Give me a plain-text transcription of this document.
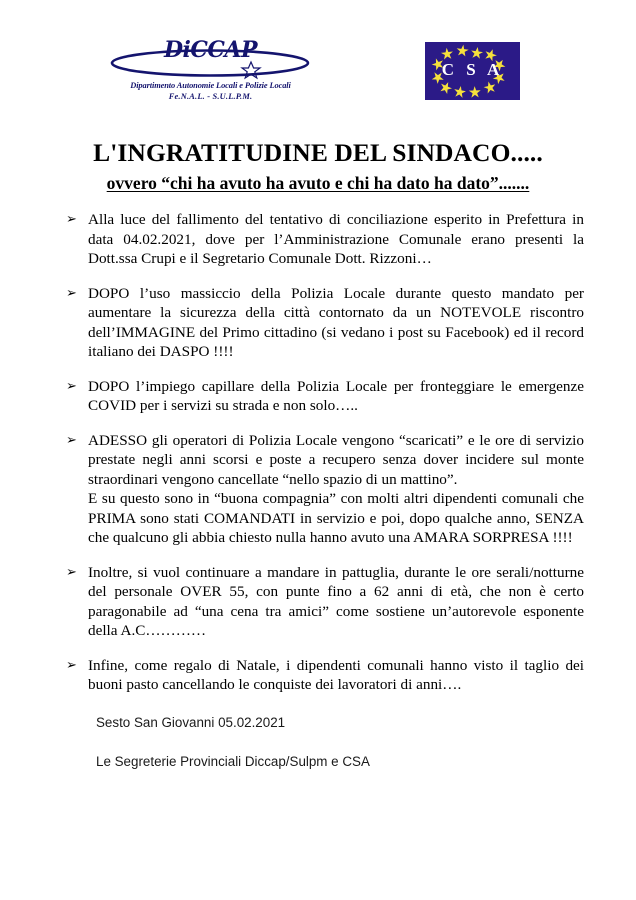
DiCCAP
Dipartimento Autonomie Locali e Polizie Locali
Fe.N.A.L. - S.U.L.P.M.
C S A
L'INGRATITUDINE DEL SINDACO.....
ovvero “chi ha avuto ha avuto e chi ha dato ha dato”.......
➢ Alla luce del fallimento del tentativo di conciliazione esperito in Prefettura in data 04.02.2021, dove per l’Amministrazione Comunale erano presenti la Dott.ssa Crupi e il Segretario Comunale Dott. Rizzoni…
➢ DOPO l’uso massiccio della Polizia Locale durante questo mandato per aumentare la sicurezza della città contornato da un NOTEVOLE riscontro dell’IMMAGINE del Primo cittadino (si vedano i post su Facebook) ed il record italiano dei DASPO !!!!
➢ DOPO l’impiego capillare della Polizia Locale per fronteggiare le emergenze COVID per i servizi su strada e non solo…..
➢ ADESSO gli operatori di Polizia Locale vengono “scaricati” e le ore di servizio prestate negli anni scorsi e poste a recupero senza dover incidere sul monte straordinari vengono cancellate “nello spazio di un mattino”.
E su questo sono in “buona compagnia” con molti altri dipendenti comunali che PRIMA sono stati COMANDATI in servizio e poi, dopo qualche anno, SENZA che qualcuno gli abbia chiesto nulla hanno avuto una AMARA SORPRESA !!!!
➢ Inoltre, si vuol continuare a mandare in pattuglia, durante le ore serali/notturne del personale OVER 55, con punte fino a 62 anni di età, che non è certo paragonabile ad “una cena tra amici” come sostiene un’autorevole esponente della A.C…………
➢ Infine, come regalo di Natale, i dipendenti comunali hanno visto il taglio dei buoni pasto cancellando le conquiste dei lavoratori di anni….
Sesto San Giovanni 05.02.2021
Le Segreterie Provinciali Diccap/Sulpm e CSA
